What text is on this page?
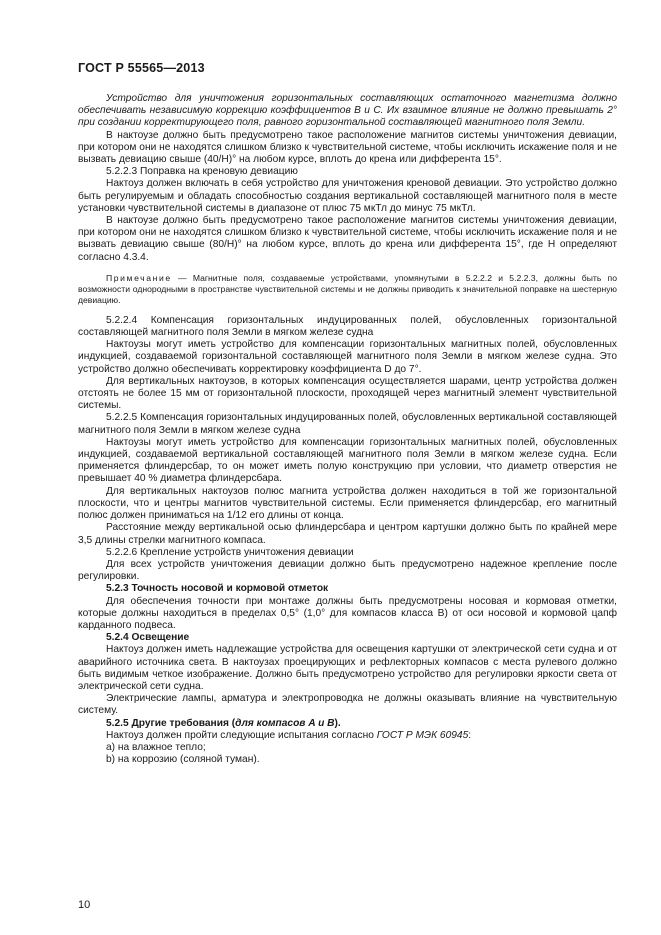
ГОСТ Р 55565—2013

Устройство для уничтожения горизонтальных составляющих остаточного магнетизма должно обеспечивать независимую коррекцию коэффициентов B и C. Их взаимное влияние не должно превышать 2° при создании корректирующего поля, равного горизонтальной составляющей магнитного поля Земли.

В нактоузе должно быть предусмотрено такое расположение магнитов системы уничтожения девиации, при котором они не находятся слишком близко к чувствительной системе, чтобы исключить искажение поля и не вызвать девиацию свыше (40/H)° на любом курсе, вплоть до крена или дифферента 15°.

5.2.2.3 Поправка на креновую девиацию

Нактоуз должен включать в себя устройство для уничтожения креновой девиации. Это устройство должно быть регулируемым и обладать способностью создания вертикальной составляющей магнитного поля в месте установки чувствительной системы в диапазоне от плюс 75 мкТл до минус 75 мкТл.

В нактоузе должно быть предусмотрено такое расположение магнитов системы уничтожения девиации, при котором они не находятся слишком близко к чувствительной системе, чтобы исключить искажение поля и не вызвать девиацию свыше (80/H)° на любом курсе, вплоть до крена или дифферента 15°, где H определяют согласно 4.3.4.

Примечание — Магнитные поля, создаваемые устройствами, упомянутыми в 5.2.2.2 и 5.2.2.3, должны быть по возможности однородными в пространстве чувствительной системы и не должны приводить к значительной поправке на шестерную девиацию.

5.2.2.4 Компенсация горизонтальных индуцированных полей, обусловленных горизонтальной составляющей магнитного поля Земли в мягком железе судна

Нактоузы могут иметь устройство для компенсации горизонтальных магнитных полей, обусловленных индукцией, создаваемой горизонтальной составляющей магнитного поля Земли в мягком железе судна. Это устройство должно обеспечивать корректировку коэффициента D до 7°.

Для вертикальных нактоузов, в которых компенсация осуществляется шарами, центр устройства должен отстоять не более 15 мм от горизонтальной плоскости, проходящей через магнитный элемент чувствительной системы.

5.2.2.5 Компенсация горизонтальных индуцированных полей, обусловленных вертикальной составляющей магнитного поля Земли в мягком железе судна

Нактоузы могут иметь устройство для компенсации горизонтальных магнитных полей, обусловленных индукцией, создаваемой вертикальной составляющей магнитного поля Земли в мягком железе судна. Если применяется флиндерсбар, то он может иметь полую конструкцию при условии, что диаметр отверстия не превышает 40 % диаметра флиндерсбара.

Для вертикальных нактоузов полюс магнита устройства должен находиться в той же горизонтальной плоскости, что и центры магнитов чувствительной системы. Если применяется флиндерсбар, его магнитный полюс должен приниматься на 1/12 его длины от конца.

Расстояние между вертикальной осью флиндерсбара и центром картушки должно быть по крайней мере 3,5 длины стрелки магнитного компаса.

5.2.2.6 Крепление устройств уничтожения девиации

Для всех устройств уничтожения девиации должно быть предусмотрено надежное крепление после регулировки.

5.2.3 Точность носовой и кормовой отметок

Для обеспечения точности при монтаже должны быть предусмотрены носовая и кормовая отметки, которые должны находиться в пределах 0,5° (1,0° для компасов класса B) от оси носовой и кормовой цапф карданного подвеса.

5.2.4 Освещение

Нактоуз должен иметь надлежащие устройства для освещения картушки от электрической сети судна и от аварийного источника света. В нактоузах проецирующих и рефлекторных компасов с места рулевого должно быть видимым четкое изображение. Должно быть предусмотрено устройство для регулировки яркости света от электрической сети судна.

Электрические лампы, арматура и электропроводка не должны оказывать влияние на чувствительную систему.

5.2.5 Другие требования (для компасов A и B).

Нактоуз должен пройти следующие испытания согласно ГОСТ Р МЭК 60945:

a) на влажное тепло;

b) на коррозию (соляной туман).

10
